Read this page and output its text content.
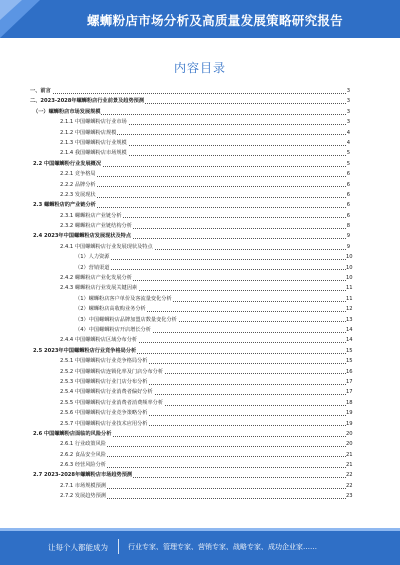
螺蛳粉店市场分析及高质量发展策略研究报告
内容目录
一、前言	3
二、2023-2028年螺蛳粉店行业前景及趋势预测	3
（一）螺蛳粉店市场发展规模	3
2.1.1 中国螺蛳粉店行业市场	3
2.1.2 中国螺蛳粉店规模	4
2.1.3 中国螺蛳粉店行业规模	4
2.1.4 我国螺蛳粉店市场规模	5
2.2 中国螺蛳粉行业发展概况	5
2.2.1 竞争格局	6
2.2.2 品牌分析	6
2.2.3 发展现状	6
2.3 螺蛳粉店的产业链分析	6
2.3.1 螺蛳粉店产业链分析	6
2.3.2 螺蛳粉店产业链结构分析	8
2.4 2023年中国螺蛳粉店发展现状及特点	9
2.4.1 中国螺蛳粉店行业发展现状及特点	9
（1）人力资源	10
（2）营销渠道	10
2.4.2 螺蛳粉店产业化发展分析	10
2.4.3 螺蛳粉店行业发展关键因素	11
（1）螺蛳粉店客户单价及客流量变化分析	11
（2）螺蛳粉店高收购业务分析	12
（3）中国螺蛳粉店品牌加盟店数量变化分析	13
（4）中国螺蛳粉店开店增长分析	14
2.4.4 中国螺蛳粉店区域分布分析	14
2.5 2023年中国螺蛳粉店行业竞争格局分析	15
2.5.1 中国螺蛳粉店行业竞争格局分析	15
2.5.2 中国螺蛳粉店连锁化率及门店分布分析	16
2.5.3 中国螺蛳粉店行业门店分布分析	17
2.5.4 中国螺蛳粉店行业消费者偏好分析	17
2.5.5 中国螺蛳粉店行业消费者消费频率分析	18
2.5.6 中国螺蛳粉店行业竞争策略分析	19
2.5.7 中国螺蛳粉店行业技术应用分析	19
2.6 中国螺蛳粉店面临的风险分析	20
2.6.1 行业政策风险	20
2.6.2 食品安全风险	21
2.6.3 经营风险分析	21
2.7 2023-2028年螺蛳粉店市场趋势预测	22
2.7.1 市场规模预测	22
2.7.2 发展趋势预测	23
让每个人都能成为	行业专家、管理专家、营销专家、战略专家、成功企业家……
